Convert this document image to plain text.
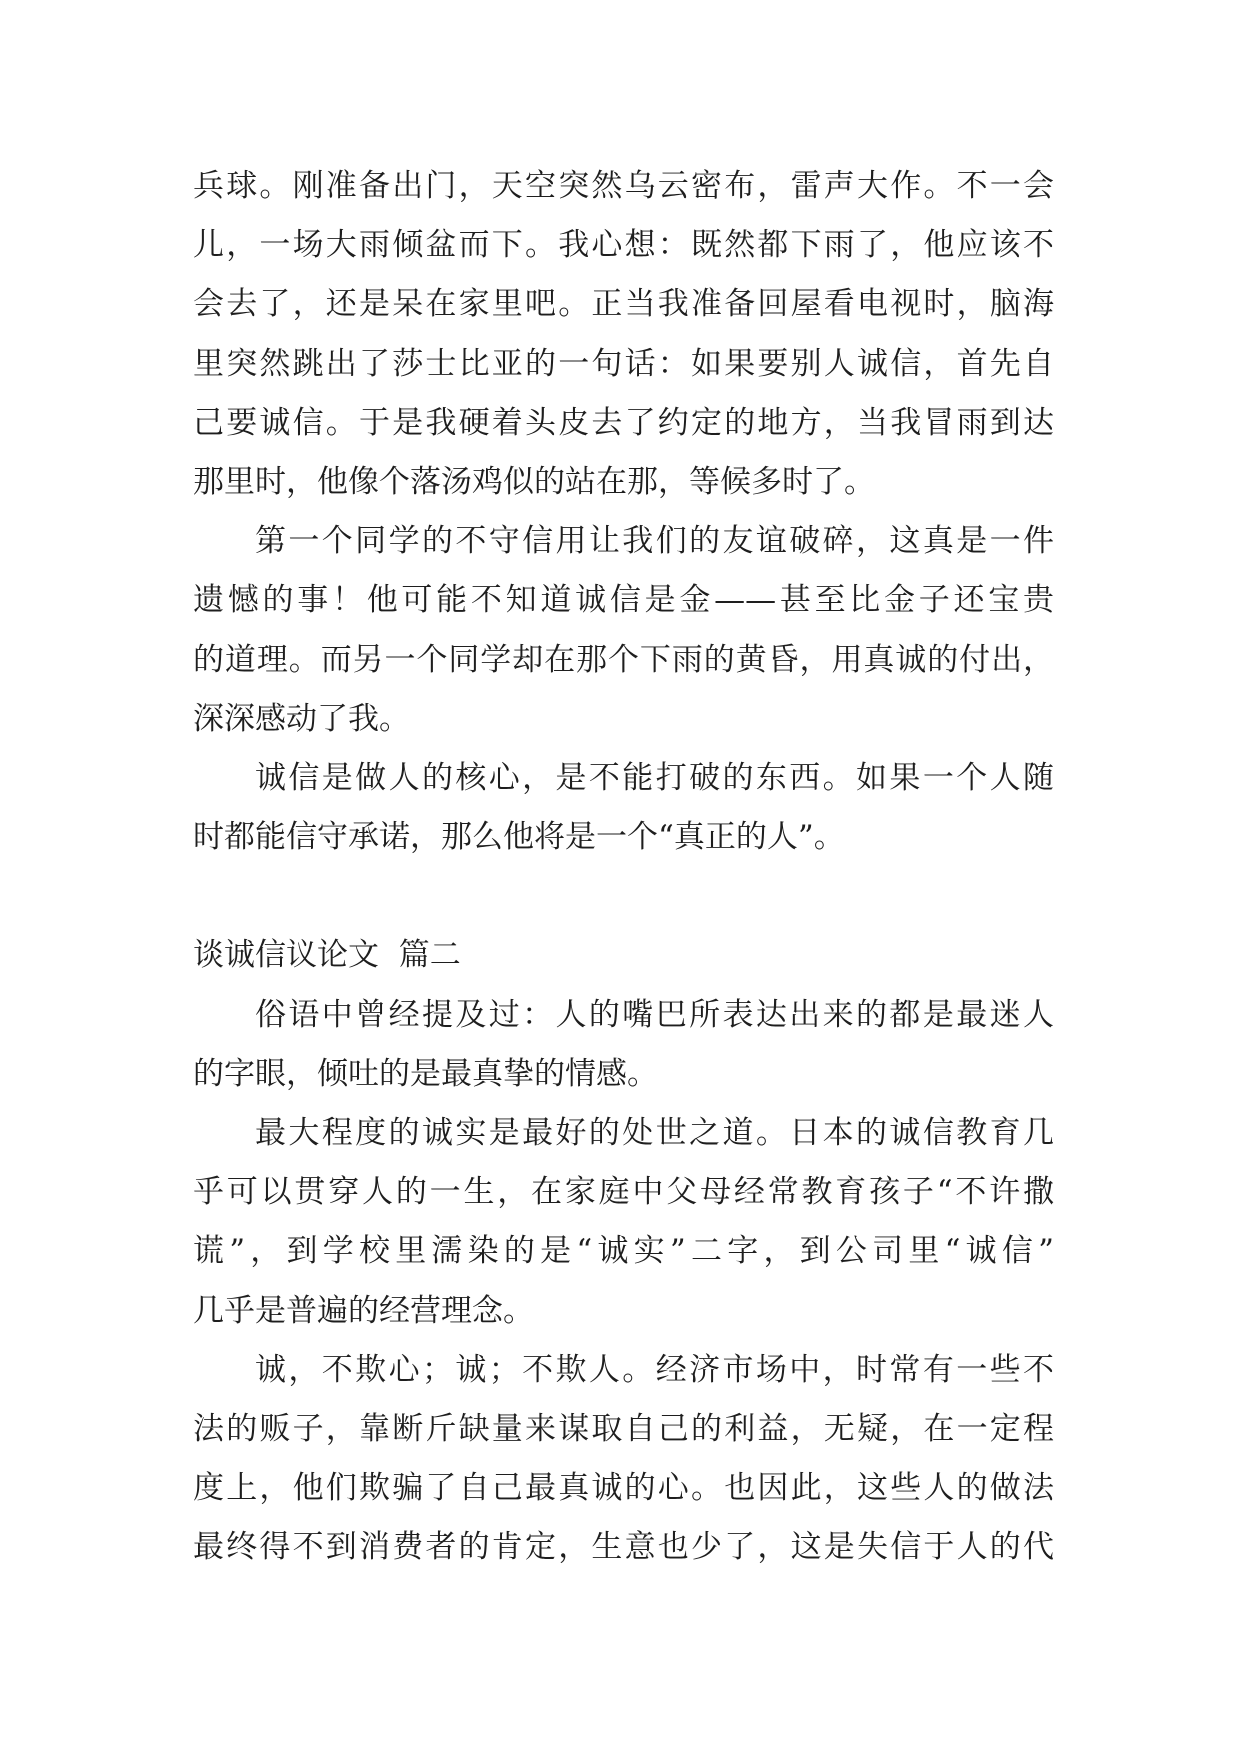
兵球。刚准备出门，天空突然乌云密布，雷声大作。不一会
儿，一场大雨倾盆而下。我心想：既然都下雨了，他应该不
会去了，还是呆在家里吧。正当我准备回屋看电视时，脑海
里突然跳出了莎士比亚的一句话：如果要别人诚信，首先自
己要诚信。于是我硬着头皮去了约定的地方，当我冒雨到达
那里时，他像个落汤鸡似的站在那，等候多时了。
第一个同学的不守信用让我们的友谊破碎，这真是一件
遗憾的事！他可能不知道诚信是金——甚至比金子还宝贵
的道理。而另一个同学却在那个下雨的黄昏，用真诚的付出，
深深感动了我。
诚信是做人的核心，是不能打破的东西。如果一个人随
时都能信守承诺，那么他将是一个“真正的人”。
谈诚信议论文  篇二
俗语中曾经提及过：人的嘴巴所表达出来的都是最迷人
的字眼，倾吐的是最真挚的情感。
最大程度的诚实是最好的处世之道。日本的诚信教育几
乎可以贯穿人的一生，在家庭中父母经常教育孩子“不许撒
谎”，到学校里濡染的是“诚实”二字，到公司里“诚信”
几乎是普遍的经营理念。
诚，不欺心；诚；不欺人。经济市场中，时常有一些不
法的贩子，靠断斤缺量来谋取自己的利益，无疑，在一定程
度上，他们欺骗了自己最真诚的心。也因此，这些人的做法
最终得不到消费者的肯定，生意也少了，这是失信于人的代
